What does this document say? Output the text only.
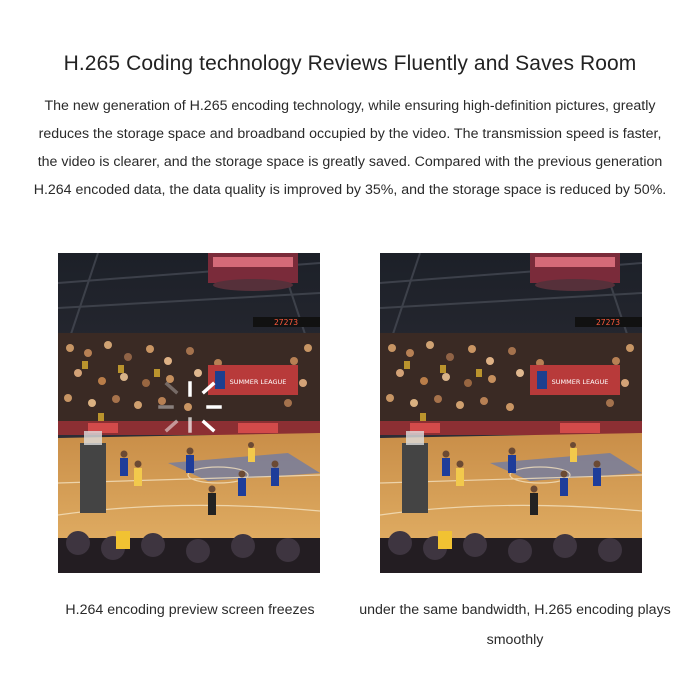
H.265 Coding technology Reviews Fluently and Saves Room
The new generation of H.265 encoding technology, while ensuring high-definition pictures, greatly reduces the storage space and broadband occupied by the video. The transmission speed is faster, the video is clearer, and the storage space is greatly saved. Compared with the previous generation H.264 encoded data, the data quality is improved by 35%, and the storage space is reduced by 50%.
27273
SUMMER LEAGUE
27273
SUMMER LEAGUE
H.264 encoding preview screen freezes	under the same bandwidth, H.265 encoding plays smoothly
